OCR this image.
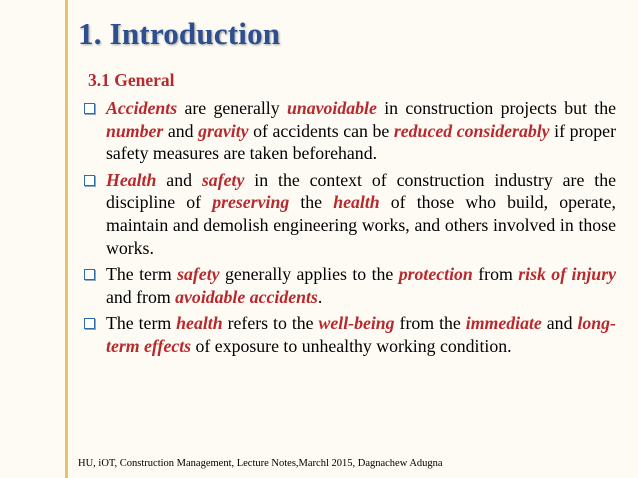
1. Introduction
3.1 General
Accidents are generally unavoidable in construction projects but the number and gravity of accidents can be reduced considerably if proper safety measures are taken beforehand.
Health and safety in the context of construction industry are the discipline of preserving the health of those who build, operate, maintain and demolish engineering works, and others involved in those works.
The term safety generally applies to the protection from risk of injury and from avoidable accidents.
The term health refers to the well-being from the immediate and long-term effects of exposure to unhealthy working condition.
HU, iOT, Construction Management, Lecture Notes,Marchl 2015, Dagnachew Adugna
